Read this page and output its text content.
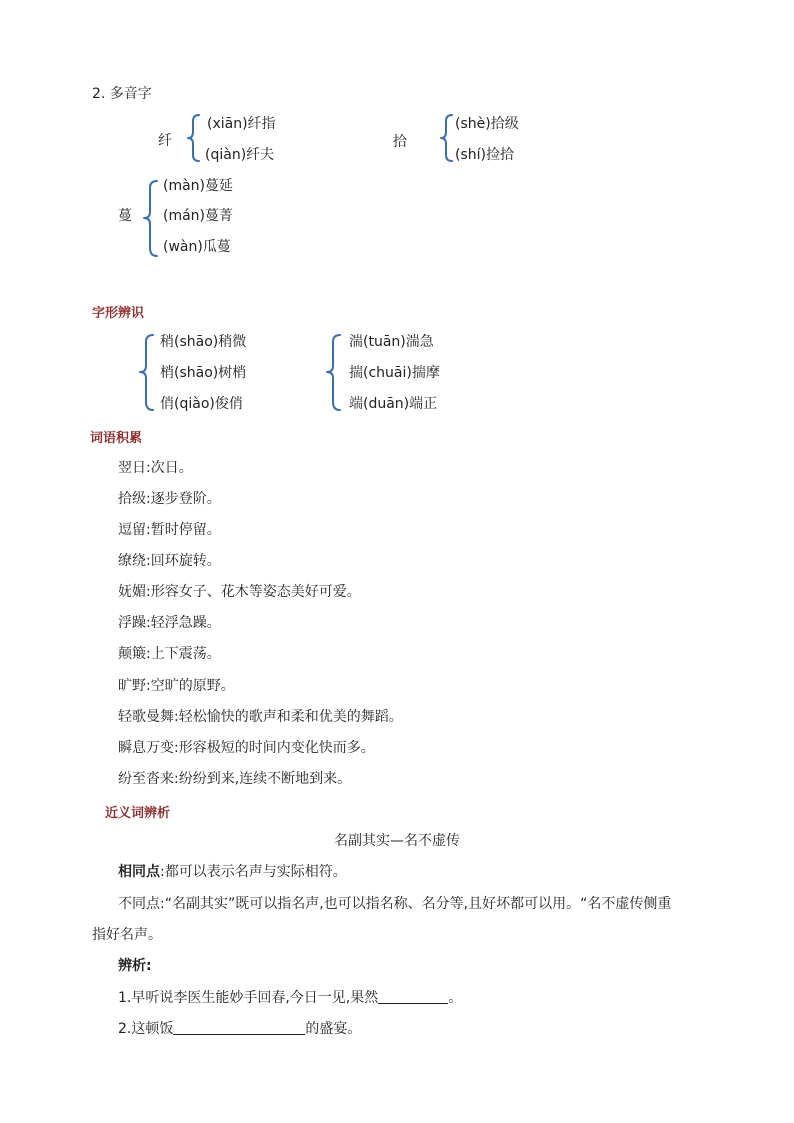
2. 多音字
纤
(xiān)纤指
(qiàn)纤夫
拾
(shè)拾级
(shí)捡拾
蔓
(màn)蔓延
(mán)蔓菁
(wàn)瓜蔓
字形辨识
稍(shāo)稍微
梢(shāo)树梢
俏(qiào)俊俏
湍(tuān)湍急
揣(chuāi)揣摩
端(duān)端正
词语积累
翌日:次日。
拾级:逐步登阶。
逗留:暂时停留。
缭绕:回环旋转。
妩媚:形容女子、花木等姿态美好可爱。
浮躁:轻浮急躁。
颠簸:上下震荡。
旷野:空旷的原野。
轻歌曼舞:轻松愉快的歌声和柔和优美的舞蹈。
瞬息万变:形容极短的时间内变化快而多。
纷至沓来:纷纷到来,连续不断地到来。
近义词辨析
名副其实—名不虚传
相同点:都可以表示名声与实际相符。
不同点:“名副其实”既可以指名声,也可以指名称、名分等,且好坏都可以用。“名不虚传侧重
指好名声。
辨析:
1.早听说李医生能妙手回春,今日一见,果然	。
2.这顿饭	的盛宴。
